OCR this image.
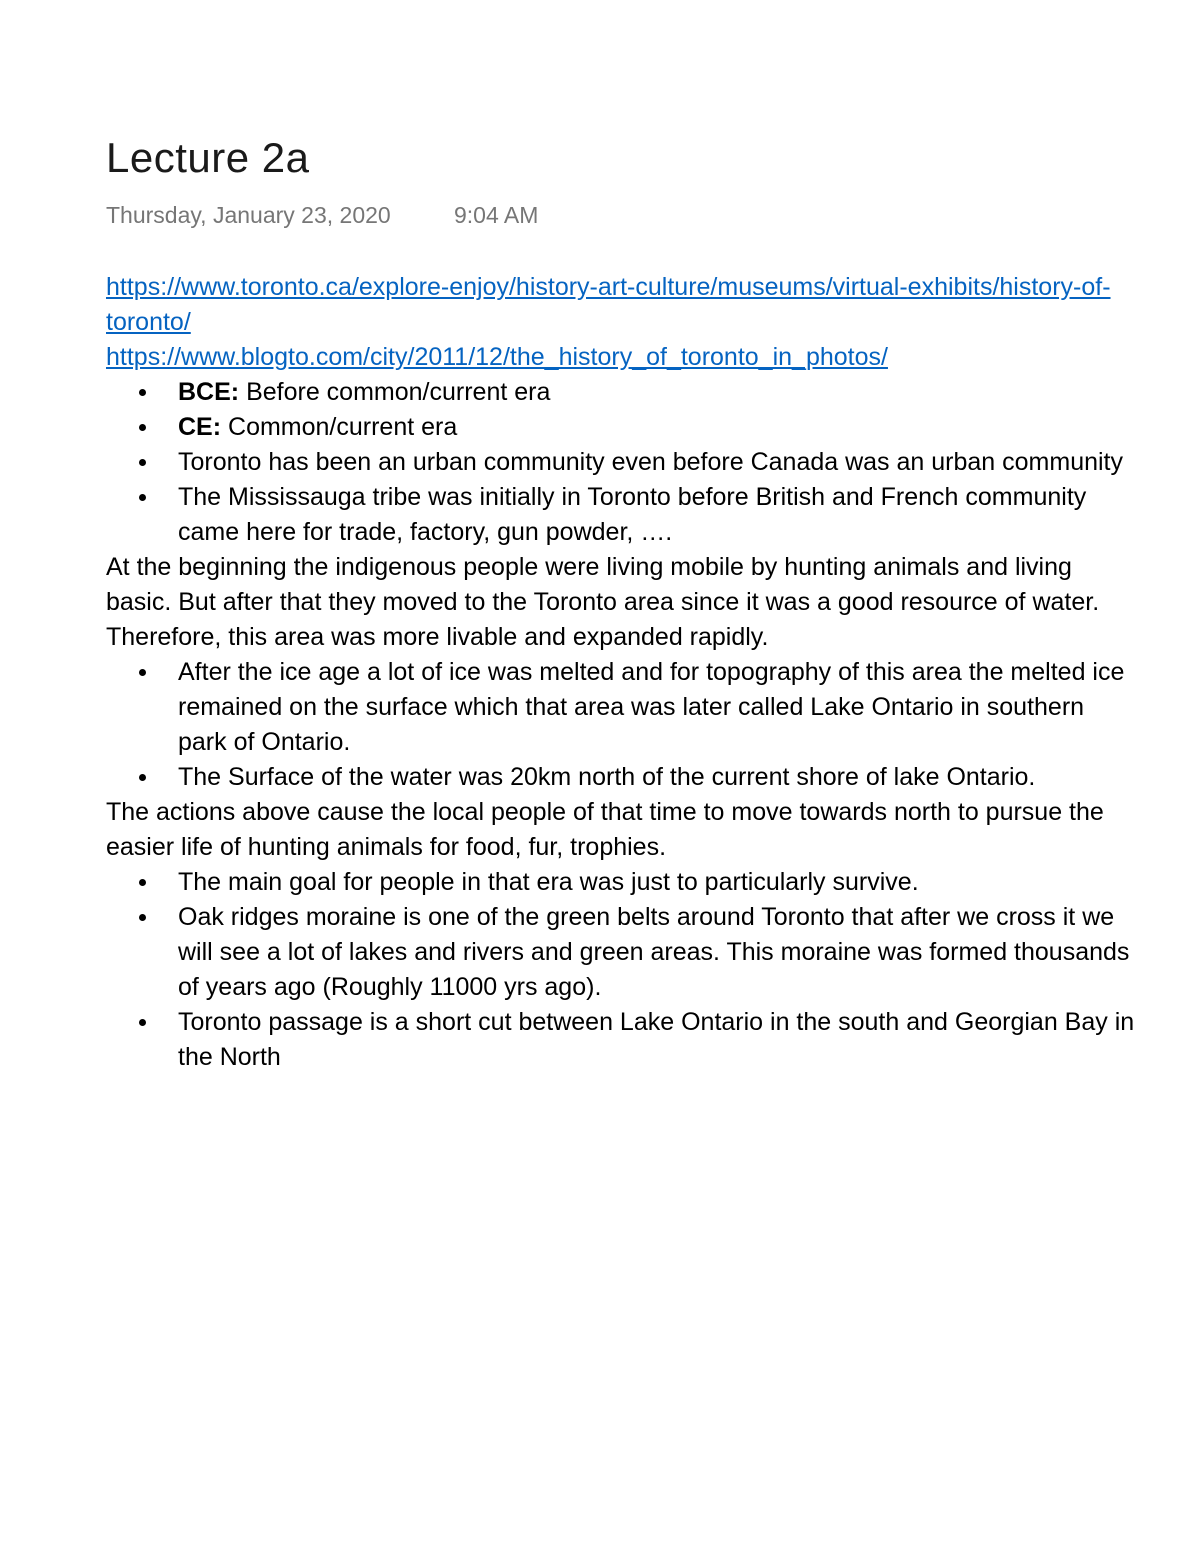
Lecture 2a
Thursday, January 23, 2020	9:04 AM
https://www.toronto.ca/explore-enjoy/history-art-culture/museums/virtual-exhibits/history-of-toronto/
https://www.blogto.com/city/2011/12/the_history_of_toronto_in_photos/
BCE: Before common/current era
CE: Common/current era
Toronto has been an urban community even before Canada was an urban community
The Mississauga tribe was initially in Toronto before British and French community came here for trade, factory, gun powder, ….

At the beginning the indigenous people were living mobile by hunting animals and living basic. But after that they moved to the Toronto area since it was a good resource of water. Therefore, this area was more livable and expanded rapidly.

After the ice age a lot of ice was melted and for topography of this area the melted ice remained on the surface which that area was later called Lake Ontario in southern park of Ontario.
The Surface of the water was 20km north of the current shore of lake Ontario.

The actions above cause the local people of that time to move towards north to pursue the easier life of hunting animals for food, fur, trophies.

The main goal for people in that era was just to particularly survive.
Oak ridges moraine is one of the green belts around Toronto that after we cross it we will see a lot of lakes and rivers and green areas. This moraine was formed thousands of years ago (Roughly 11000 yrs ago).
Toronto passage is a short cut between Lake Ontario in the south and Georgian Bay in the North
